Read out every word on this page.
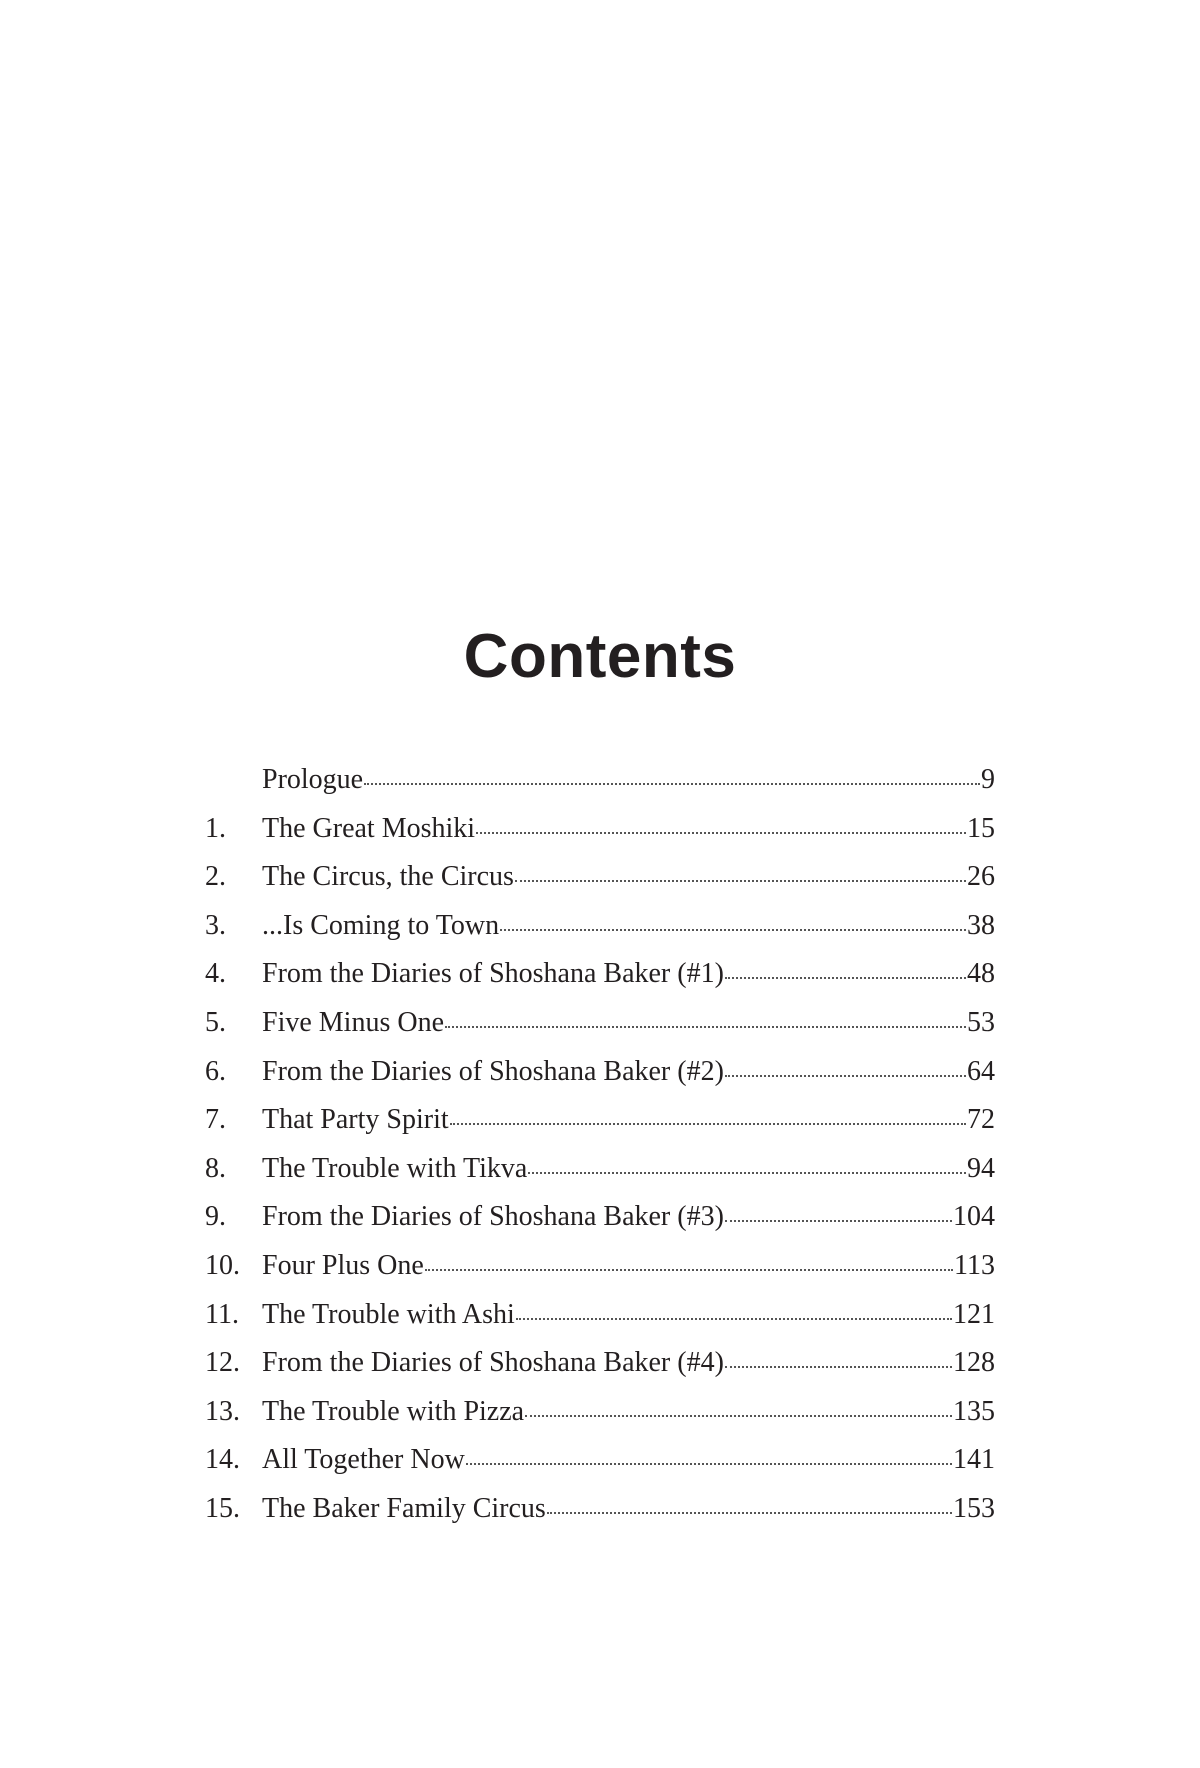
Contents
Prologue	9
1.	The Great Moshiki	15
2.	The Circus, the Circus	26
3.	...Is Coming to Town	38
4.	From the Diaries of Shoshana Baker (#1)	48
5.	Five Minus One	53
6.	From the Diaries of Shoshana Baker (#2)	64
7.	That Party Spirit	72
8.	The Trouble with Tikva	94
9.	From the Diaries of Shoshana Baker (#3)	104
10. Four Plus One	113
11. The Trouble with Ashi	121
12. From the Diaries of Shoshana Baker (#4)	128
13. The Trouble with Pizza	135
14. All Together Now	141
15. The Baker Family Circus	153
